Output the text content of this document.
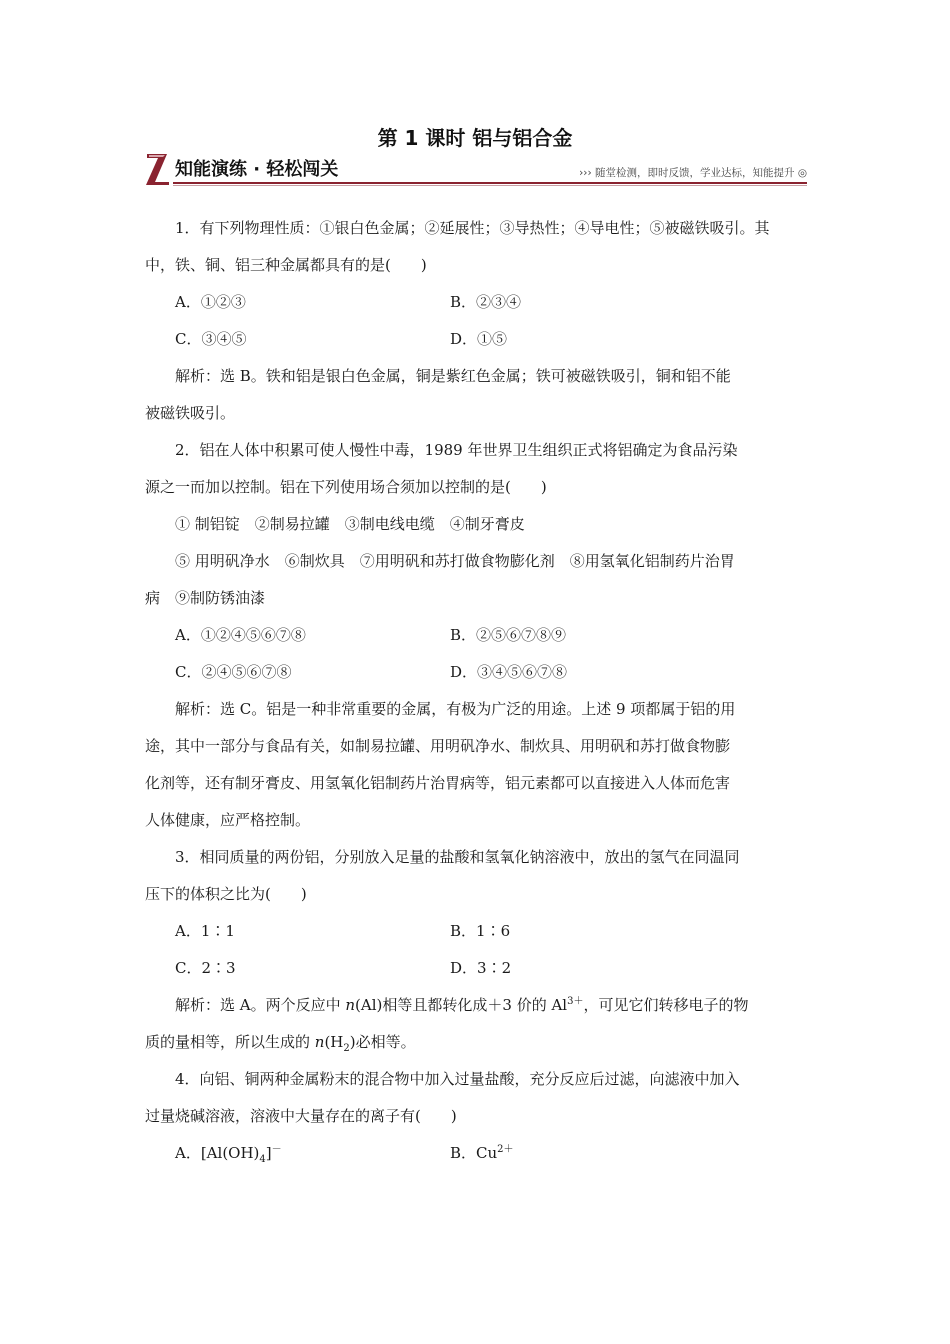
第 1 课时 铝与铝合金
知能演练 · 轻松闯关	››› 随堂检测，即时反馈，学业达标，知能提升 ◎
1．有下列物理性质：①银白色金属；②延展性；③导热性；④导电性；⑤被磁铁吸引。其
中，铁、铜、铝三种金属都具有的是(　　)
A．①②③	B．②③④
C．③④⑤	D．①⑤
解析：选 B。铁和铝是银白色金属，铜是紫红色金属；铁可被磁铁吸引，铜和铝不能
被磁铁吸引。
2．铝在人体中积累可使人慢性中毒，1989 年世界卫生组织正式将铝确定为食品污染
源之一而加以控制。铝在下列使用场合须加以控制的是(　　)
① 制铝锭　②制易拉罐　③制电线电缆　④制牙膏皮
⑤ 用明矾净水　⑥制炊具　⑦用明矾和苏打做食物膨化剂　⑧用氢氧化铝制药片治胃
病　⑨制防锈油漆
A．①②④⑤⑥⑦⑧	B．②⑤⑥⑦⑧⑨
C．②④⑤⑥⑦⑧	D．③④⑤⑥⑦⑧
解析：选 C。铝是一种非常重要的金属，有极为广泛的用途。上述 9 项都属于铝的用
途，其中一部分与食品有关，如制易拉罐、用明矾净水、制炊具、用明矾和苏打做食物膨
化剂等，还有制牙膏皮、用氢氧化铝制药片治胃病等，铝元素都可以直接进入人体而危害
人体健康，应严格控制。
3．相同质量的两份铝，分别放入足量的盐酸和氢氧化钠溶液中，放出的氢气在同温同
压下的体积之比为(　　)
A．1∶1	B．1∶6
C．2∶3	D．3∶2
解析：选 A。两个反应中 n(Al)相等且都转化成＋3 价的 $Al^{3+}$，可见它们转移电子的物
质的量相等，所以生成的 $n(H_2)$必相等。
4．向铝、铜两种金属粉末的混合物中加入过量盐酸，充分反应后过滤，向滤液中加入
过量烧碱溶液，溶液中大量存在的离子有(　　)
A．$[Al(OH)_4]^-$	B．$Cu^{2+}$
